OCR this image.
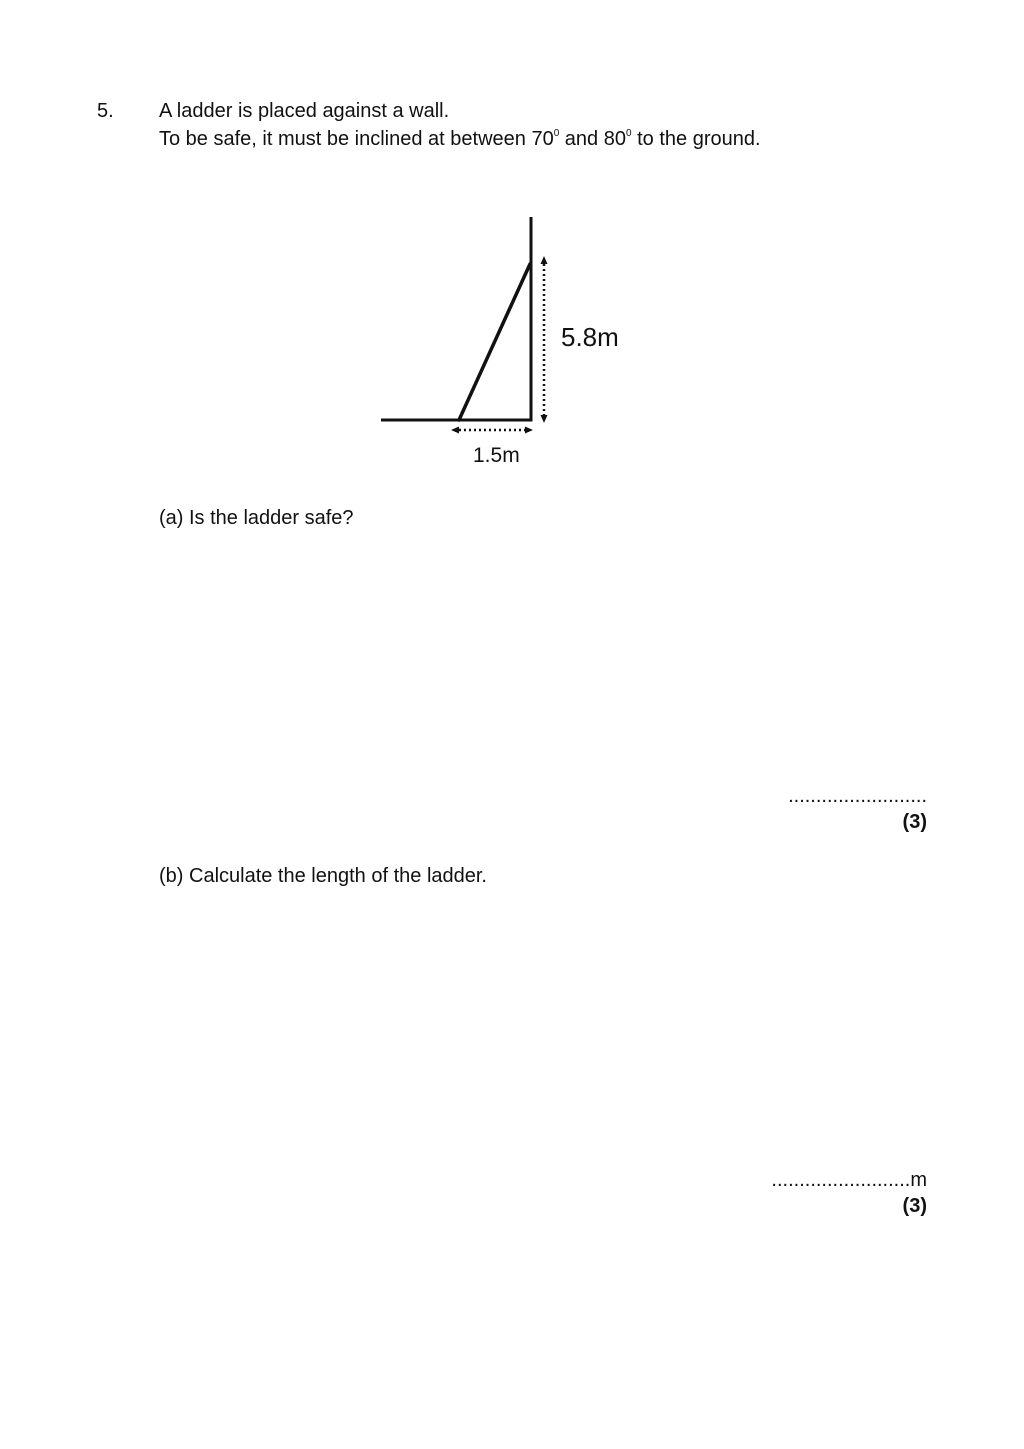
5. A ladder is placed against a wall.
To be safe, it must be inclined at between $70^0$ and $80^0$ to the ground.
5.8m
1.5m
(a) Is the ladder safe?
.........................
(3)
(b) Calculate the length of the ladder.
.........................m
(3)
